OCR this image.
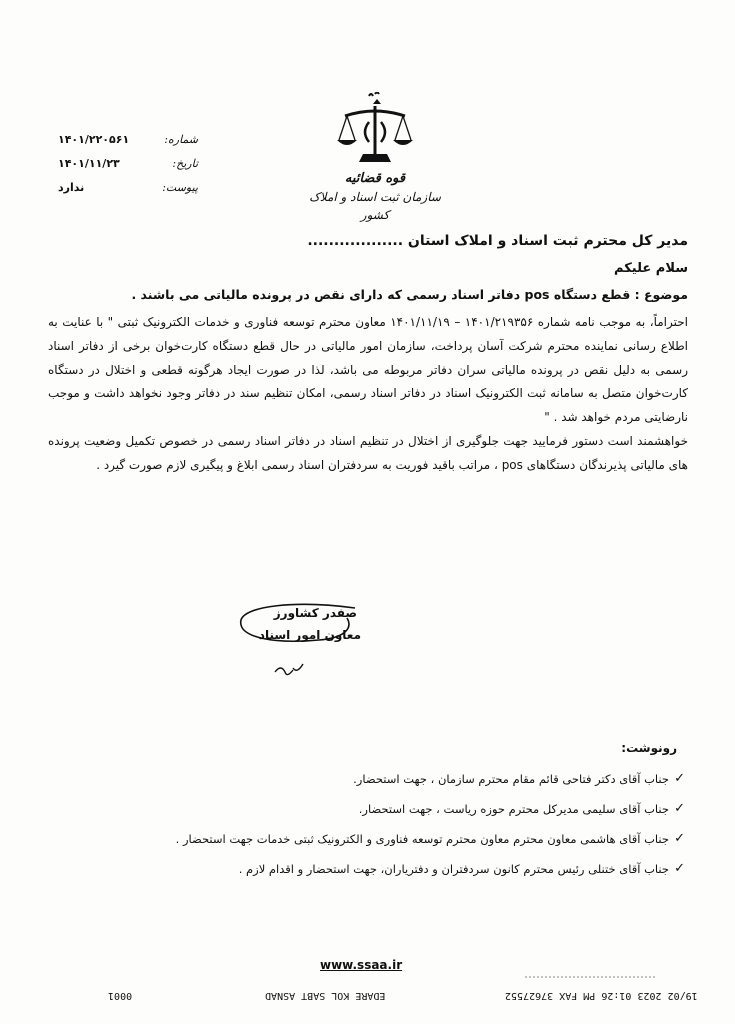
شماره:
۱۴۰۱/۲۲۰۵۶۱
تاریخ:
۱۴۰۱/۱۱/۲۳
پیوست:
ندارد
قوه قضائیه
سازمان ثبت اسناد و املاک کشور
مدیر کل محترم ثبت اسناد و املاک استان ..................
سلام علیکم
موضوع : قطع دستگاه pos دفاتر اسناد رسمی که دارای نقص در پرونده مالیاتی می باشند .

احتراماً، به موجب نامه شماره ۱۴۰۱/۲۱۹۳۵۶ – ۱۴۰۱/۱۱/۱۹ معاون محترم توسعه فناوری و خدمات الکترونیک ثبتی " با عنایت به اطلاع رسانی نماینده محترم شرکت آسان پرداخت، سازمان امور مالیاتی در حال قطع دستگاه کارت‌خوان برخی از دفاتر اسناد رسمی به دلیل نقص در پرونده مالیاتی سران دفاتر مربوطه می باشد، لذا در صورت ایجاد هرگونه قطعی و اختلال در دستگاه کارت‌خوان متصل به سامانه ثبت الکترونیک اسناد در دفاتر اسناد رسمی، امکان تنظیم سند در دفاتر وجود نخواهد داشت و موجب نارضایتی مردم خواهد شد . "

خواهشمند است دستور فرمایید جهت جلوگیری از اختلال در تنظیم اسناد در دفاتر اسناد رسمی در خصوص تکمیل وضعیت پرونده های مالیاتی پذیرندگان دستگاهای pos ، مراتب باقید فوریت به سردفتران اسناد رسمی ابلاغ و پیگیری لازم صورت گیرد .

صفدر کشاورز
معاون امور اسناد
رونوشت:
✓
جناب آقای دکتر فتاحی قائم مقام محترم سازمان ، جهت استحضار.
✓
جناب آقای سلیمی مدیرکل محترم حوزه ریاست ، جهت استحضار.
✓
جناب آقای هاشمی معاون محترم معاون محترم توسعه فناوری و الکترونیک ثبتی خدمات جهت استحضار .
✓
جناب آقای ختنلی رئیس محترم کانون سردفتران و دفتریاران، جهت استحضار و اقدام لازم .
www.ssaa.ir
0001	EDARE KOL SABT ASNAD	19/02 2023 01:26 PM FAX 37627552
